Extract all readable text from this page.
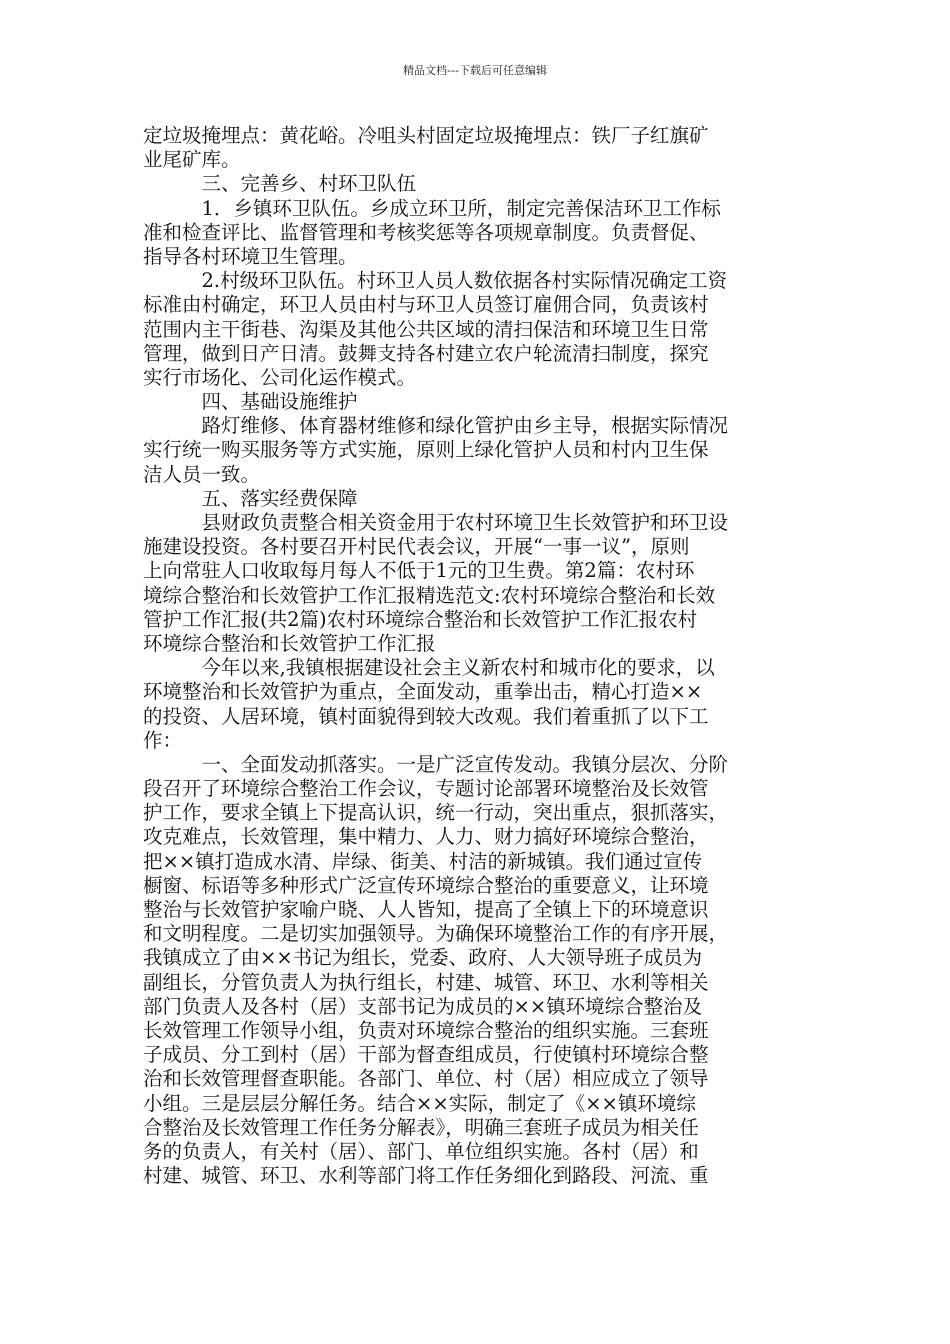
精品文档---下载后可任意编辑
定垃圾掩埋点：黄花峪。冷咀头村固定垃圾掩埋点：铁厂子红旗矿
业尾矿库。
　　　三、完善乡、村环卫队伍
　　　1．乡镇环卫队伍。乡成立环卫所，制定完善保洁环卫工作标
准和检查评比、监督管理和考核奖惩等各项规章制度。负责督促、
指导各村环境卫生管理。
　　　2.村级环卫队伍。村环卫人员人数依据各村实际情况确定工资
标准由村确定，环卫人员由村与环卫人员签订雇佣合同，负责该村
范围内主干街巷、沟渠及其他公共区域的清扫保洁和环境卫生日常
管理，做到日产日清。鼓舞支持各村建立农户轮流清扫制度，探究
实行市场化、公司化运作模式。
　　　四、基础设施维护
　　　路灯维修、体育器材维修和绿化管护由乡主导，根据实际情况
实行统一购买服务等方式实施，原则上绿化管护人员和村内卫生保
洁人员一致。
　　　五、落实经费保障
　　　县财政负责整合相关资金用于农村环境卫生长效管护和环卫设
施建设投资。各村要召开村民代表会议，开展“一事一议”，原则
上向常驻人口收取每月每人不低于1元的卫生费。第2篇：农村环
境综合整治和长效管护工作汇报精选范文:农村环境综合整治和长效
管护工作汇报(共2篇)农村环境综合整治和长效管护工作汇报农村
环境综合整治和长效管护工作汇报
　　　今年以来,我镇根据建设社会主义新农村和城市化的要求，以
环境整治和长效管护为重点，全面发动，重拳出击，精心打造××
的投资、人居环境，镇村面貌得到较大改观。我们着重抓了以下工
作：
　　　一、全面发动抓落实。一是广泛宣传发动。我镇分层次、分阶
段召开了环境综合整治工作会议，专题讨论部署环境整治及长效管
护工作，要求全镇上下提高认识，统一行动，突出重点，狠抓落实，
攻克难点，长效管理，集中精力、人力、财力搞好环境综合整治，
把××镇打造成水清、岸绿、街美、村洁的新城镇。我们通过宣传
橱窗、标语等多种形式广泛宣传环境综合整治的重要意义，让环境
整治与长效管护家喻户晓、人人皆知，提高了全镇上下的环境意识
和文明程度。二是切实加强领导。为确保环境整治工作的有序开展，
我镇成立了由××书记为组长，党委、政府、人大领导班子成员为
副组长，分管负责人为执行组长，村建、城管、环卫、水利等相关
部门负责人及各村（居）支部书记为成员的××镇环境综合整治及
长效管理工作领导小组，负责对环境综合整治的组织实施。三套班
子成员、分工到村（居）干部为督查组成员，行使镇村环境综合整
治和长效管理督查职能。各部门、单位、村（居）相应成立了领导
小组。三是层层分解任务。结合××实际，制定了《××镇环境综
合整治及长效管理工作任务分解表》，明确三套班子成员为相关任
务的负责人，有关村（居）、部门、单位组织实施。各村（居）和
村建、城管、环卫、水利等部门将工作任务细化到路段、河流、重
